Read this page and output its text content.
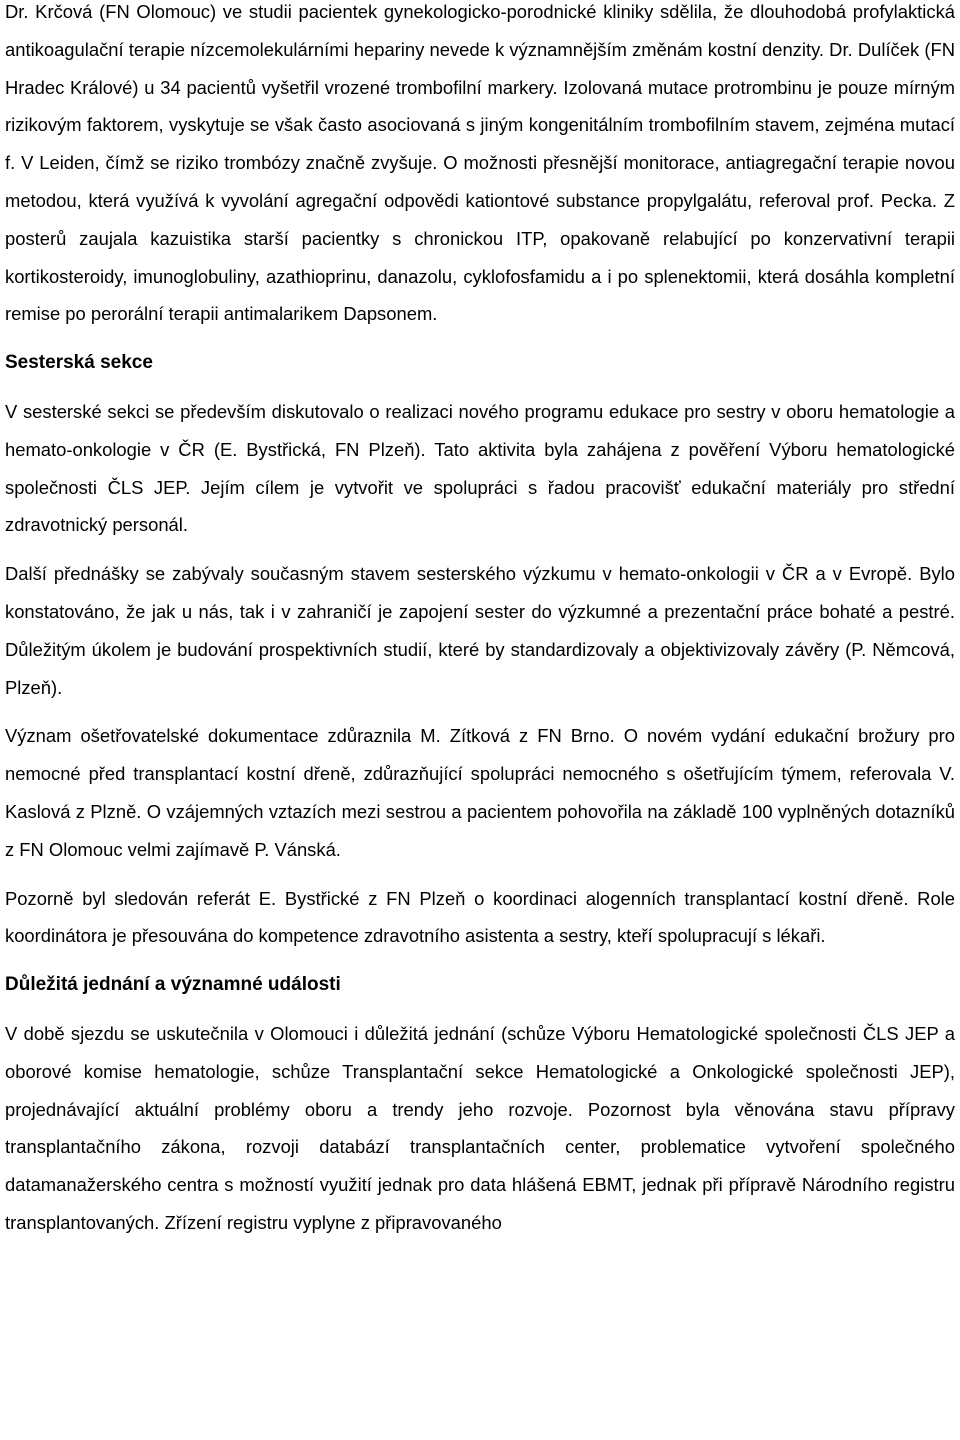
Dr. Krčová (FN Olomouc) ve studii pacientek gynekologicko-porodnické kliniky sdělila, že dlouhodobá profylaktická antikoagulační terapie nízcemolekulárními hepariny nevede k významnějším změnám kostní denzity. Dr. Dulíček (FN Hradec Králové) u 34 pacientů vyšetřil vrozené trombofilní markery. Izolovaná mutace protrombinu je pouze mírným rizikovým faktorem, vyskytuje se však často asociovaná s jiným kongenitálním trombofilním stavem, zejména mutací f. V Leiden, čímž se riziko trombózy značně zvyšuje. O možnosti přesnější monitorace, antiagregační terapie novou metodou, která využívá k vyvolání agregační odpovědi kationtové substance propylgalátu, referoval prof. Pecka. Z posterů zaujala kazuistika starší pacientky s chronickou ITP, opakovaně relabující po konzervativní terapii kortikosteroidy, imunoglobuliny, azathioprinu, danazolu, cyklofosfamidu a i po splenektomii, která dosáhla kompletní remise po perorální terapii antimalarikem Dapsonem.

Sesterská sekce

V sesterské sekci se především diskutovalo o realizaci nového programu edukace pro sestry v oboru hematologie a hemato-onkologie v ČR (E. Bystřická, FN Plzeň). Tato aktivita byla zahájena z pověření Výboru hematologické společnosti ČLS JEP. Jejím cílem je vytvořit ve spolupráci s řadou pracovišť edukační materiály pro střední zdravotnický personál.

Další přednášky se zabývaly současným stavem sesterského výzkumu v hemato-onkologii v ČR a v Evropě. Bylo konstatováno, že jak u nás, tak i v zahraničí je zapojení sester do výzkumné a prezentační práce bohaté a pestré. Důležitým úkolem je budování prospektivních studií, které by standardizovaly a objektivizovaly závěry (P. Němcová, Plzeň).

Význam ošetřovatelské dokumentace zdůraznila M. Zítková z FN Brno. O novém vydání edukační brožury pro nemocné před transplantací kostní dřeně, zdůrazňující spolupráci nemocného s ošetřujícím týmem, referovala V. Kaslová z Plzně. O vzájemných vztazích mezi sestrou a pacientem pohovořila na základě 100 vyplněných dotazníků z FN Olomouc velmi zajímavě P. Vánská.

Pozorně byl sledován referát E. Bystřické z FN Plzeň o koordinaci alogenních transplantací kostní dřeně. Role koordinátora je přesouvána do kompetence zdravotního asistenta a sestry, kteří spolupracují s lékaři.

Důležitá jednání a významné události

V době sjezdu se uskutečnila v Olomouci i důležitá jednání (schůze Výboru Hematologické společnosti ČLS JEP a oborové komise hematologie, schůze Transplantační sekce Hematologické a Onkologické společnosti JEP), projednávající aktuální problémy oboru a trendy jeho rozvoje. Pozornost byla věnována stavu přípravy transplantačního zákona, rozvoji databází transplantačních center, problematice vytvoření společného datamanažerského centra s možností využití jednak pro data hlášená EBMT, jednak při přípravě Národního registru transplantovaných. Zřízení registru vyplyne z připravovaného
